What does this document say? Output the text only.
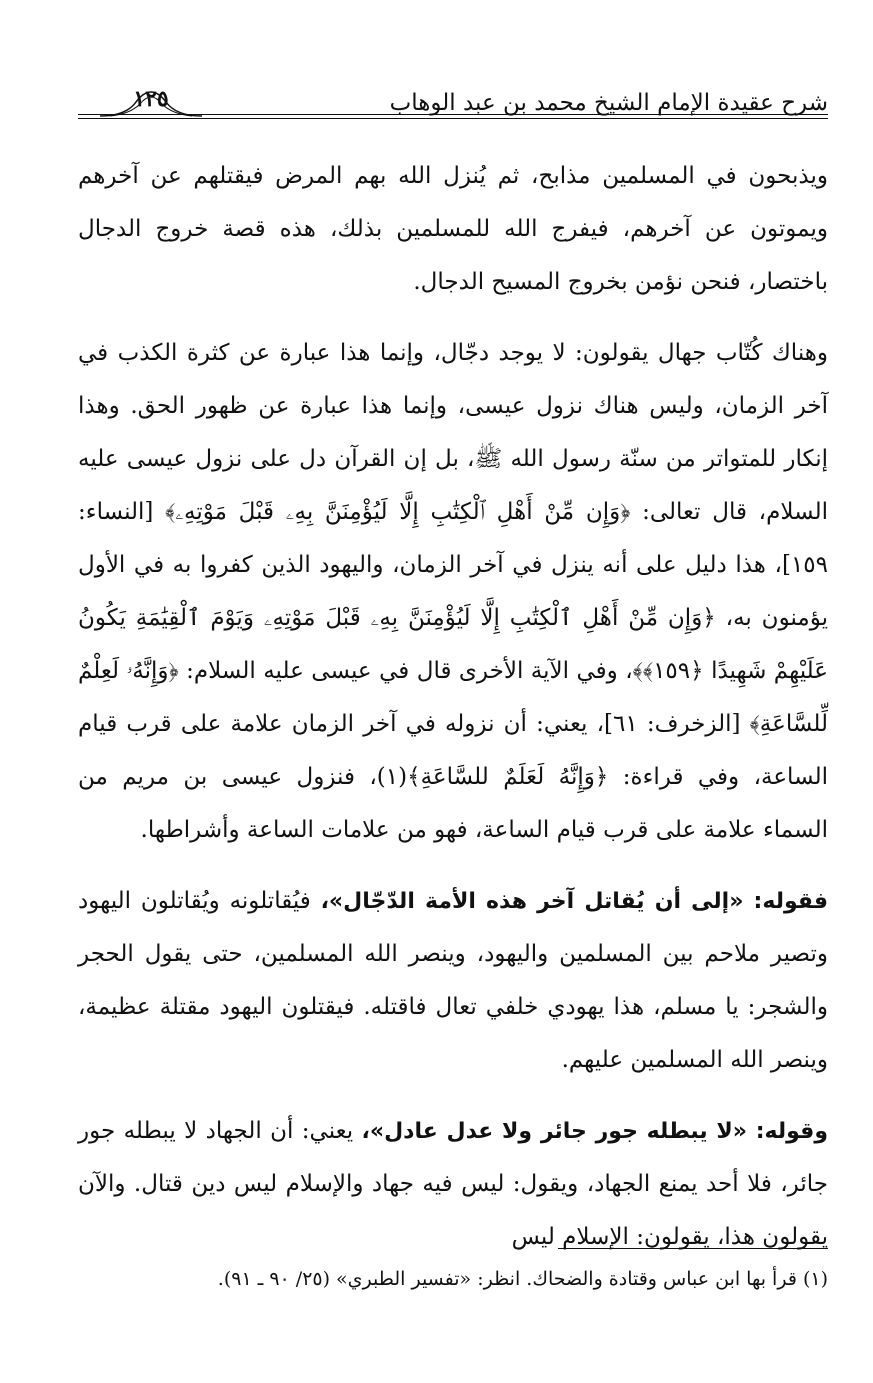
شرح عقيدة الإمام الشيخ محمد بن عبد الوهاب
١٢٥

ويذبحون في المسلمين مذابح، ثم يُنزل الله بهم المرض فيقتلهم عن آخرهم ويموتون عن آخرهم، فيفرج الله للمسلمين بذلك، هذه قصة خروج الدجال باختصار، فنحن نؤمن بخروج المسيح الدجال.

وهناك كُتّاب جهال يقولون: لا يوجد دجّال، وإنما هذا عبارة عن كثرة الكذب في آخر الزمان، وليس هناك نزول عيسى، وإنما هذا عبارة عن ظهور الحق. وهذا إنكار للمتواتر من سنّة رسول الله ﷺ، بل إن القرآن دل على نزول عيسى عليه السلام، قال تعالى: ﴿وَإِن مِّنْ أَهْلِ ٱلْكِتَٰبِ إِلَّا لَيُؤْمِنَنَّ بِهِۦ قَبْلَ مَوْتِهِۦ﴾ [النساء: ١٥٩]، هذا دليل على أنه ينزل في آخر الزمان، واليهود الذين كفروا به في الأول يؤمنون به، ﴿وَإِن مِّنْ أَهْلِ ٱلْكِتَٰبِ إِلَّا لَيُؤْمِنَنَّ بِهِۦ قَبْلَ مَوْتِهِۦ وَيَوْمَ ٱلْقِيَٰمَةِ يَكُونُ عَلَيْهِمْ شَهِيدًا ﴿١٥٩﴾﴾، وفي الآية الأخرى قال في عيسى عليه السلام: ﴿وَإِنَّهُۥ لَعِلْمٌ لِّلسَّاعَةِ﴾ [الزخرف: ٦١]، يعني: أن نزوله في آخر الزمان علامة على قرب قيام الساعة، وفي قراءة: ﴿وَإِنَّهُ لَعَلَمٌ للسَّاعَةِ﴾(١)، فنزول عيسى بن مريم من السماء علامة على قرب قيام الساعة، فهو من علامات الساعة وأشراطها.

فقوله: «إلى أن يُقاتل آخر هذه الأمة الدّجّال»، فيُقاتلونه ويُقاتلون اليهود وتصير ملاحم بين المسلمين واليهود، وينصر الله المسلمين، حتى يقول الحجر والشجر: يا مسلم، هذا يهودي خلفي تعال فاقتله. فيقتلون اليهود مقتلة عظيمة، وينصر الله المسلمين عليهم.

وقوله: «لا يبطله جور جائر ولا عدل عادل»، يعني: أن الجهاد لا يبطله جور جائر، فلا أحد يمنع الجهاد، ويقول: ليس فيه جهاد والإسلام ليس دين قتال. والآن يقولون هذا، يقولون: الإسلام ليس

(١) قرأ بها ابن عباس وقتادة والضحاك. انظر: «تفسير الطبري» (٢٥/ ٩٠ ـ ٩١).
